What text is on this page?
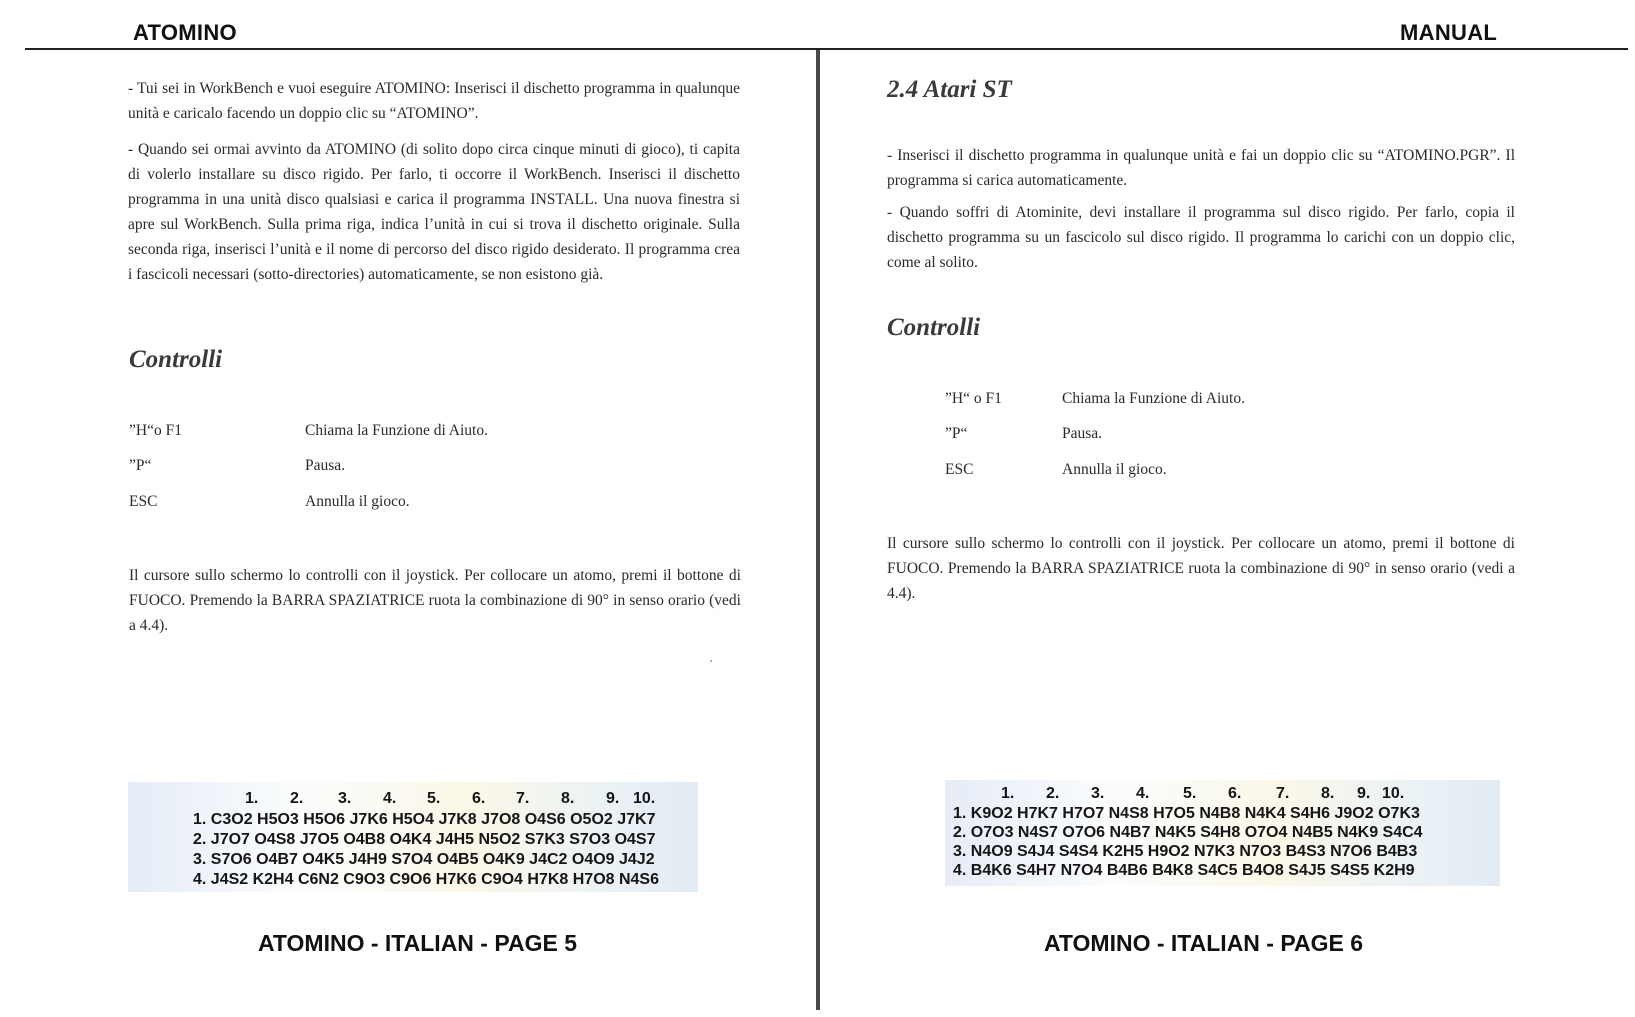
ATOMINO	MANUAL

- Tui sei in WorkBench e vuoi eseguire ATOMINO: Inserisci il dischetto programma in qualunque unità e caricalo facendo un doppio clic su “ATOMINO”.

- Quando sei ormai avvinto da ATOMINO (di solito dopo circa cinque minuti di gioco), ti capita di volerlo installare su disco rigido. Per farlo, ti occorre il WorkBench. Inserisci il dischetto programma in una unità disco qualsiasi e carica il programma INSTALL. Una nuova finestra si apre sul WorkBench. Sulla prima riga, indica l’unità in cui si trova il dischetto originale. Sulla seconda riga, inserisci l’unità e il nome di percorso del disco rigido desiderato. Il programma crea i fascicoli necessari (sotto-directories) automaticamente, se non esistono già.

Controlli
”H“o F1	Chiama la Funzione di Aiuto.
”P“	Pausa.
ESC	Annulla il gioco.

Il cursore sullo schermo lo controlli con il joystick. Per collocare un atomo, premi il bottone di FUOCO. Premendo la BARRA SPAZIATRICE ruota la combinazione di 90° in senso orario (vedi a 4.4).

1. 2. 3. 4. 5. 6. 7. 8. 9. 10.
1. C3O2 H5O3 H5O6 J7K6 H5O4 J7K8 J7O8 O4S6 O5O2 J7K7
2. J7O7 O4S8 J7O5 O4B8 O4K4 J4H5 N5O2 S7K3 S7O3 O4S7
3. S7O6 O4B7 O4K5 J4H9 S7O4 O4B5 O4K9 J4C2 O4O9 J4J2
4. J4S2 K2H4 C6N2 C9O3 C9O6 H7K6 C9O4 H7K8 H7O8 N4S6
ATOMINO - ITALIAN - PAGE 5
2.4 Atari ST

- Inserisci il dischetto programma in qualunque unità e fai un doppio clic su “ATOMINO.PGR”. Il programma si carica automaticamente.

- Quando soffri di Atominite, devi installare il programma sul disco rigido. Per farlo, copia il dischetto programma su un fascicolo sul disco rigido. Il programma lo carichi con un doppio clic, come al solito.

Controlli
”H“ o F1	Chiama la Funzione di Aiuto.
”P“	Pausa.
ESC	Annulla il gioco.

Il cursore sullo schermo lo controlli con il joystick. Per collocare un atomo, premi il bottone di FUOCO. Premendo la BARRA SPAZIATRICE ruota la combinazione di 90° in senso orario (vedi a 4.4).

1. 2. 3. 4. 5. 6. 7. 8. 9. 10.
1. K9O2 H7K7 H7O7 N4S8 H7O5 N4B8 N4K4 S4H6 J9O2 O7K3
2. O7O3 N4S7 O7O6 N4B7 N4K5 S4H8 O7O4 N4B5 N4K9 S4C4
3. N4O9 S4J4 S4S4 K2H5 H9O2 N7K3 N7O3 B4S3 N7O6 B4B3
4. B4K6 S4H7 N7O4 B4B6 B4K8 S4C5 B4O8 S4J5 S4S5 K2H9
ATOMINO - ITALIAN - PAGE 6
